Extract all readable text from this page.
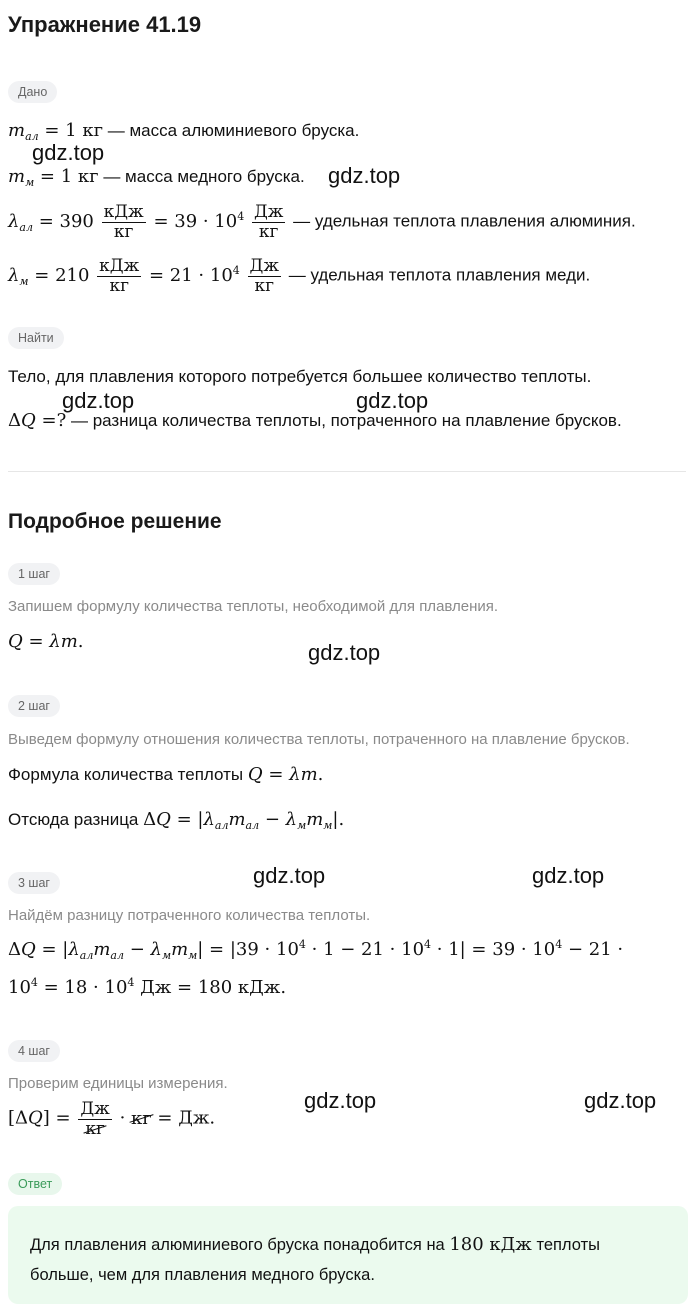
Упражнение 41.19
Дано
$m_{ал} = 1$ кг — масса алюминиевого бруска.
$m_м = 1$ кг — масса медного бруска.
$\lambda_{ал} = 390 \frac{\text{кДж}}{кг} = 39 \cdot 10^4 \frac{Дж}{кг}$ — удельная теплота плавления алюминия.
$\lambda_м = 210 \frac{\text{кДж}}{кг} = 21 \cdot 10^4 \frac{Дж}{кг}$ — удельная теплота плавления меди.
Найти
Тело, для плавления которого потребуется большее количество теплоты.
ΔQ =? — разница количества теплоты, потраченного на плавление брусков.
Подробное решение
1 шаг
Запишем формулу количества теплоты, необходимой для плавления.
Q = λm.
2 шаг
Выведем формулу отношения количества теплоты, потраченного на плавление брусков.
Формула количества теплоты Q = λm.
Отсюда разница $\Delta Q = |\lambda_{ал}m_{ал} - \lambda_мm_м|$.
3 шаг
Найдём разницу потраченного количества теплоты.
$\Delta Q = |\lambda_{ал}m_{ал} - \lambda_мm_м| = |39 \cdot 10^4 \cdot 1 - 21 \cdot 10^4 \cdot 1| = 39 \cdot 10^4 - 21$ ·
$10^4 = 18 \cdot 10^4$ Дж = 180 кДж.
4 шаг
Проверим единицы измерения.
$[\Delta Q] = \frac{Дж}{кг}$ · кг = Дж.
Ответ
Для плавления алюминиевого бруска понадобится на 180 кДж теплоты
больше, чем для плавления медного бруска.
gdz.top
gdz.top
gdz.top	gdz.top
gdz.top
gdz.top	gdz.top
gdz.top	gdz.top
